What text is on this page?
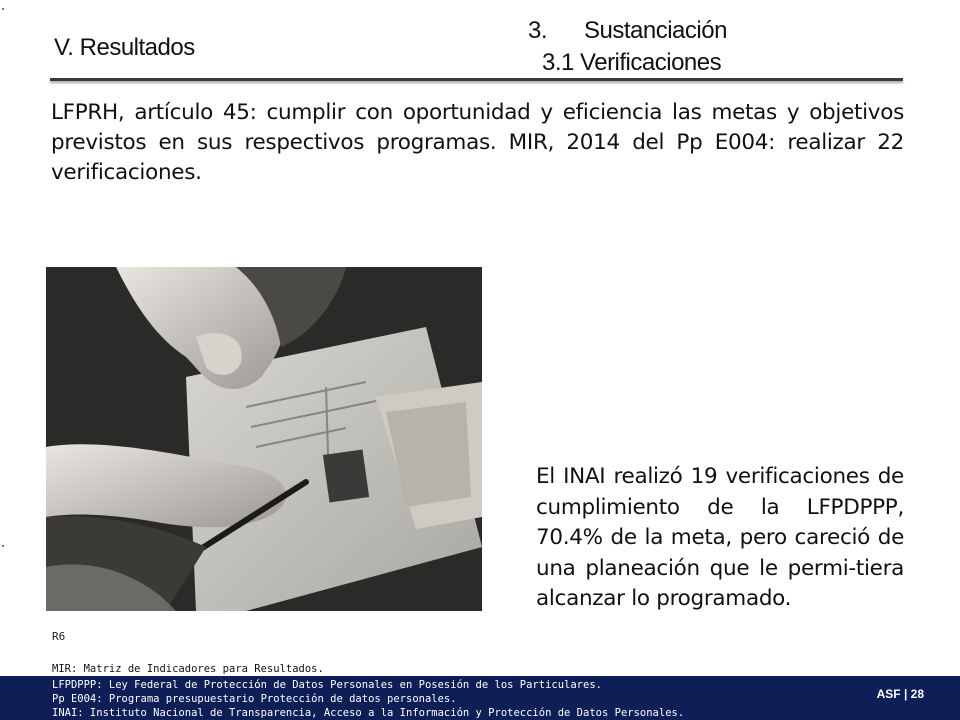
V. Resultados
3. Sustanciación
3.1 Verificaciones
LFPRH, artículo 45: cumplir con oportunidad y eficiencia las metas y objetivos previstos en sus respectivos programas. MIR, 2014 del Pp E004: realizar 22 verificaciones.
El INAI realizó 19 verificaciones de cumplimiento de la LFPDPPP, 70.4% de la meta, pero careció de una planeación que le permi-tiera alcanzar lo programado.
R6
MIR: Matriz de Indicadores para Resultados.
LFPDPPP: Ley Federal de Protección de Datos Personales en Posesión de los Particulares.
Pp E004: Programa presupuestario Protección de datos personales.
INAI: Instituto Nacional de Transparencia, Acceso a la Información y Protección de Datos Personales.
ASF | 28
